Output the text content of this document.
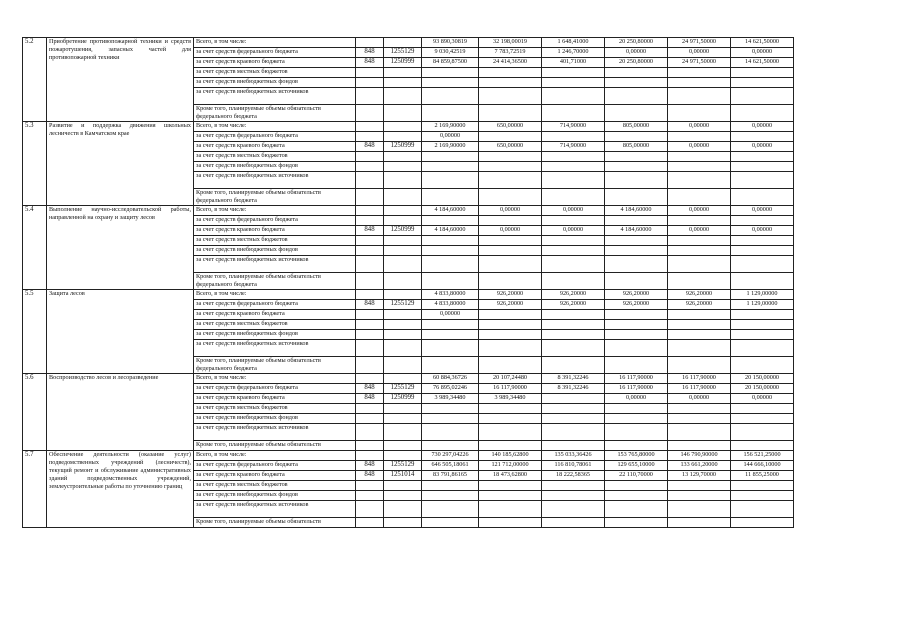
5.2	Приобретение противопожарной техники и средств пожаротушения, запасных частей для противопожарной техники	Всего, в том числе:			93 890,30819	32 198,00019	1 648,41000	20 250,80000	24 971,50000	14 621,50000
		за счет средств федерального бюджета	848	1255129	9 030,42519	7 783,72519	1 246,70000	0,00000	0,00000	0,00000
		за счет средств краевого бюджета	848	1250999	84 859,87500	24 414,36500	401,71000	20 250,80000	24 971,50000	14 621,50000
		за счет средств местных бюджетов								
		за счет средств внебюджетных фондов								
		за счет средств внебюджетных источников								
		Кроме того, планируемые объемы обязательств федерального бюджета								
5.3	Развитие и поддержка движения школьных лесничеств в Камчатском крае	Всего, в том числе:			2 169,90000	650,00000	714,90000	805,00000	0,00000	0,00000
		за счет средств федерального бюджета			0,00000					
		за счет средств краевого бюджета	848	1250999	2 169,90000	650,00000	714,90000	805,00000	0,00000	0,00000
		за счет средств местных бюджетов								
		за счет средств внебюджетных фондов								
		за счет средств внебюджетных источников								
		Кроме того, планируемые объемы обязательств федерального бюджета								
5.4	Выполнение научно-исследовательской работы, направленной на охрану и защиту лесов	Всего, в том числе:			4 184,60000	0,00000	0,00000	4 184,60000	0,00000	0,00000
		за счет средств федерального бюджета								
		за счет средств краевого бюджета	848	1250999	4 184,60000	0,00000	0,00000	4 184,60000	0,00000	0,00000
		за счет средств местных бюджетов								
		за счет средств внебюджетных фондов								
		за счет средств внебюджетных источников								
		Кроме того, планируемые объемы обязательств федерального бюджета								
5.5	Защита лесов	Всего, в том числе:			4 833,80000	926,20000	926,20000	926,20000	926,20000	1 129,00000
		за счет средств федерального бюджета	848	1255129	4 833,80000	926,20000	926,20000	926,20000	926,20000	1 129,00000
		за счет средств краевого бюджета			0,00000					
		за счет средств местных бюджетов								
		за счет средств внебюджетных фондов								
		за счет средств внебюджетных источников								
		Кроме того, планируемые объемы обязательств федерального бюджета								
5.6	Воспроизводство лесов и лесоразведение	Всего, в том числе:			60 884,36726	20 107,24480	8 391,32246	16 117,90000	16 117,90000	20 150,00000
		за счет средств федерального бюджета	848	1255129	76 895,02246	16 117,90000	8 391,32246	16 117,90000	16 117,90000	20 150,00000
		за счет средств краевого бюджета	848	1250999	3 989,34480	3 989,34480		0,00000	0,00000	0,00000
		за счет средств местных бюджетов								
		за счет средств внебюджетных фондов								
		за счет средств внебюджетных источников								
		Кроме того, планируемые объемы обязательств								
5.7	Обеспечение деятельности (оказание услуг) подведомственных учреждений (лесничеств), текущий ремонт и обслуживание административных зданий подведомственных учреждений, землеустроительные работы по уточнению границ	Всего, в том числе:			730 297,04226	140 185,62800	135 033,36426	153 765,80000	146 790,90000	156 521,25000
		за счет средств федерального бюджета	848	1255129	646 505,18061	121 712,00000	116 810,78061	129 655,10000	133 661,20000	144 666,10000
		за счет средств краевого бюджета	848	1251014	83 791,86165	18 473,62800	18 222,58365	22 110,70000	13 129,70000	11 855,25000
		за счет средств местных бюджетов								
		за счет средств внебюджетных фондов								
		за счет средств внебюджетных источников								
		Кроме того, планируемые объемы обязательств								
